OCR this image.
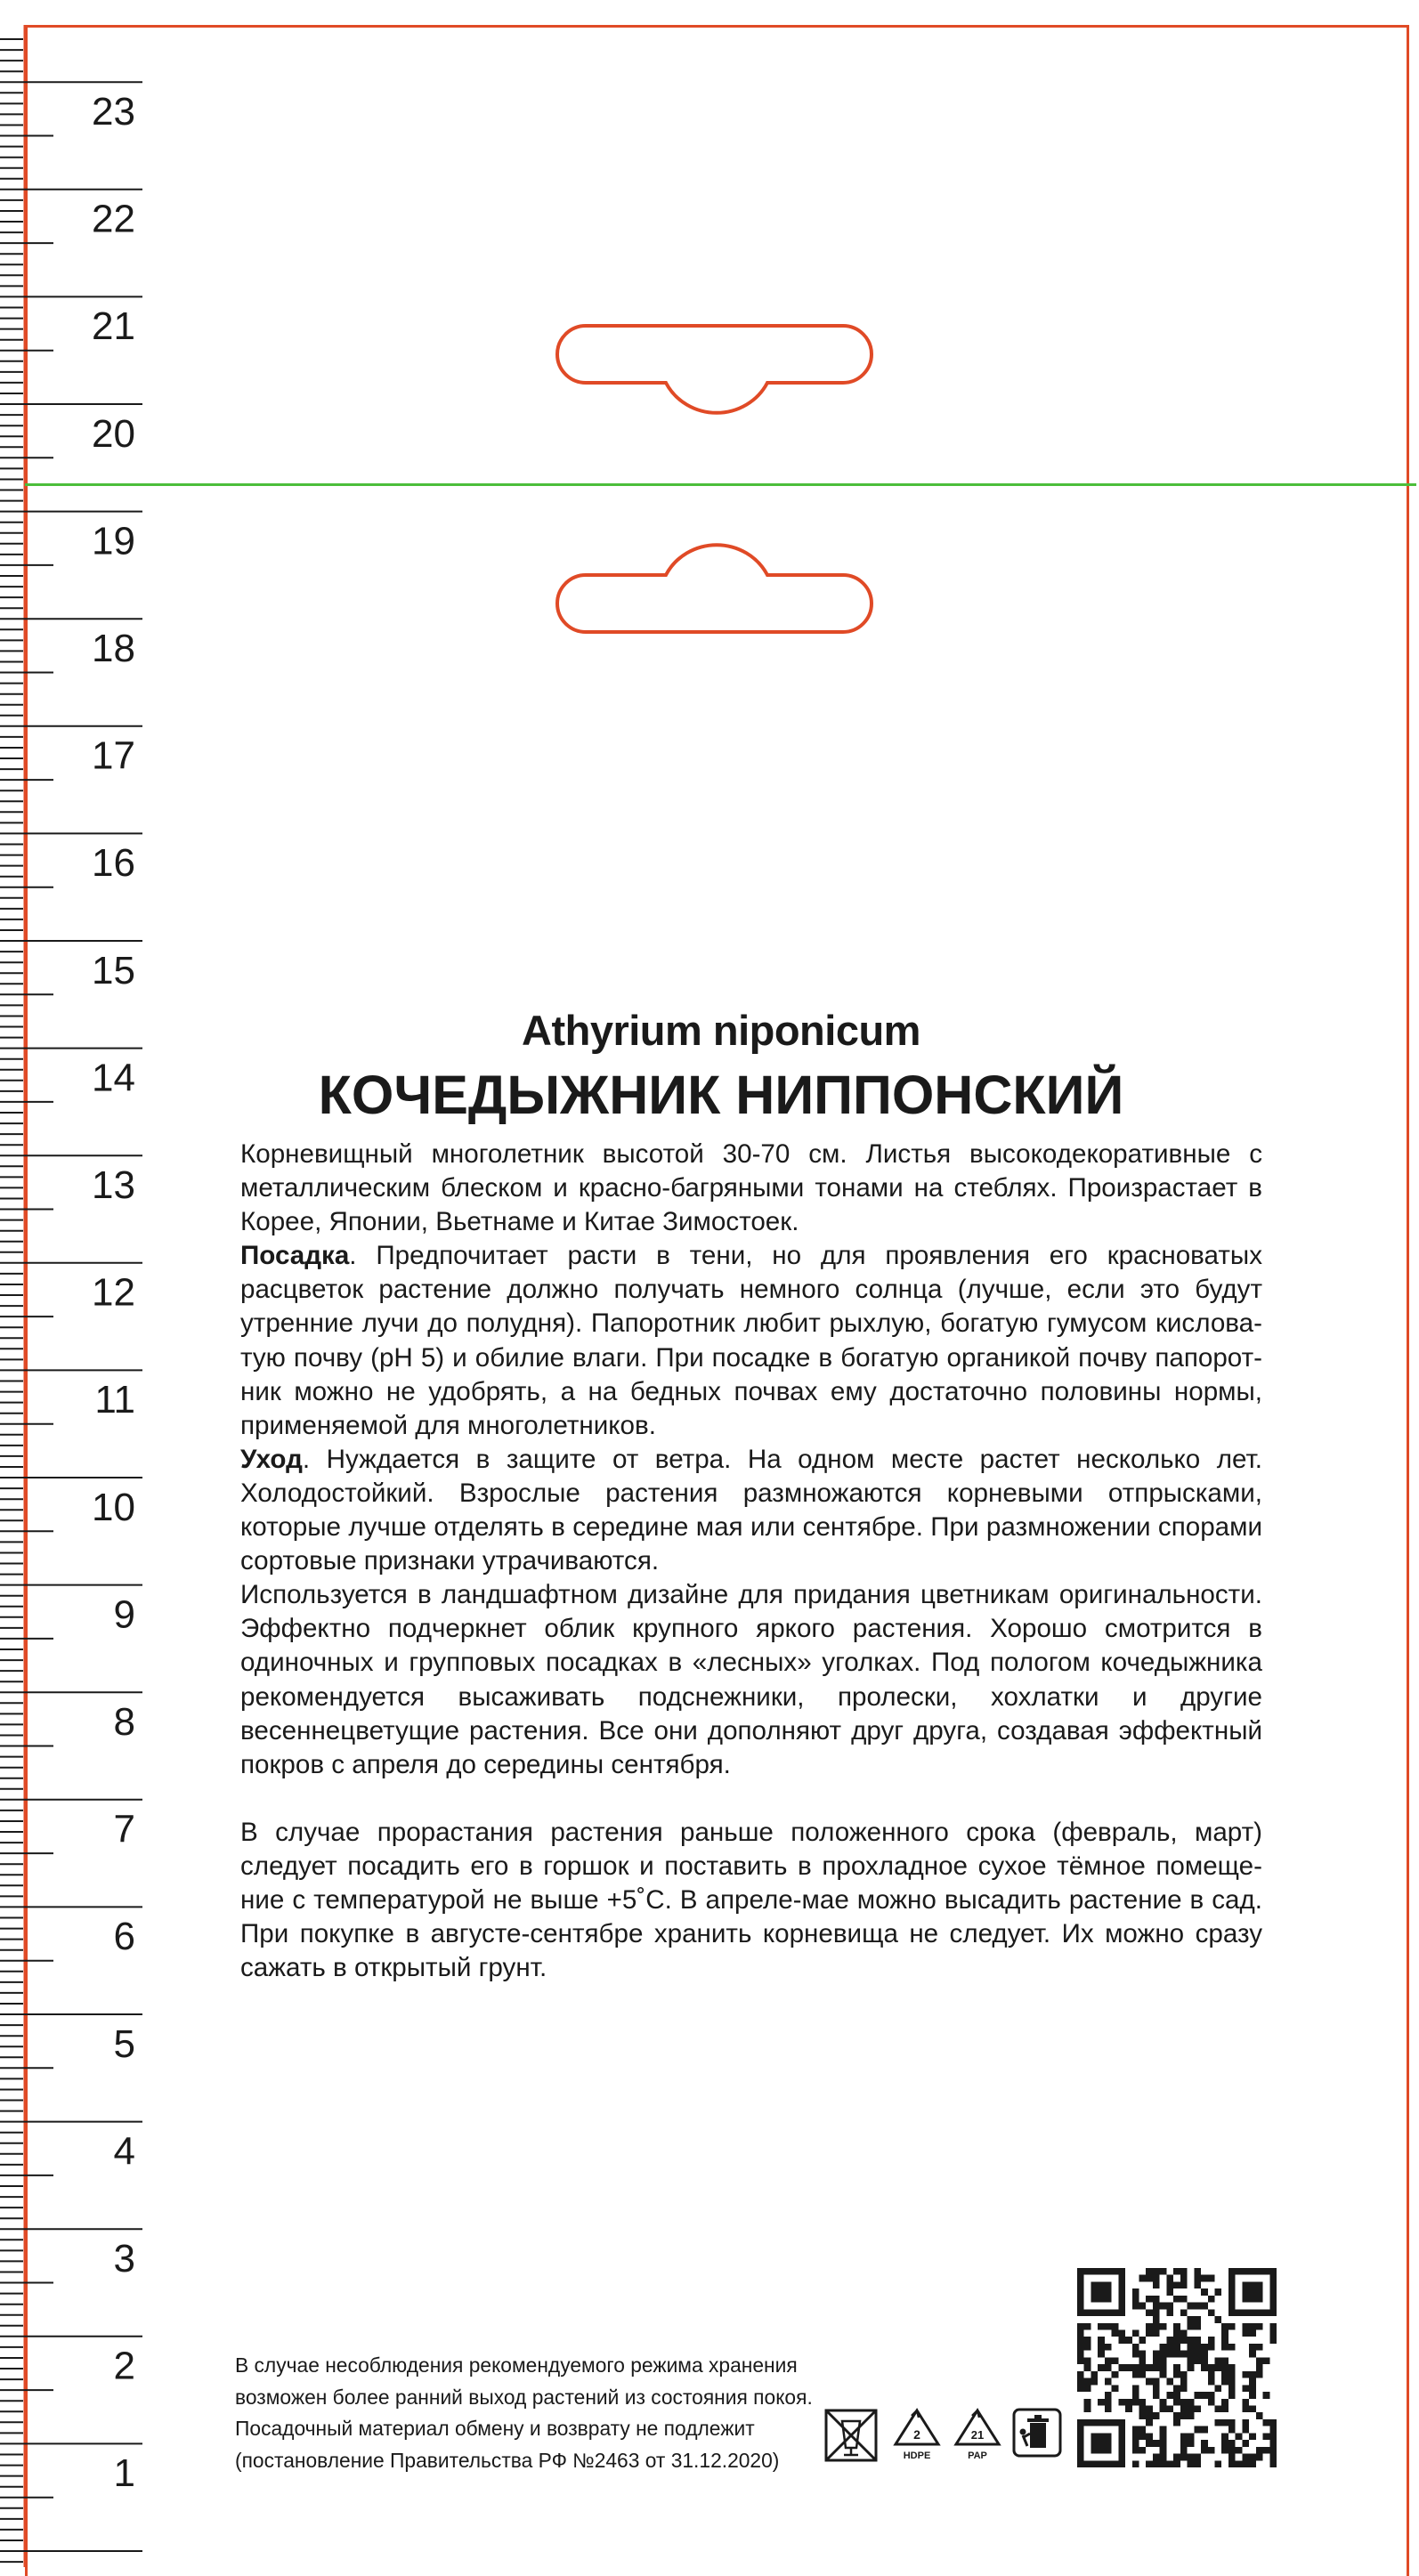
23
22
21
20
19
18
17
16
15
14
13
12
11
10
9
8
7
6
5
4
3
2
1
Athyrium niponicum
КОЧЕДЫЖНИК НИППОНСКИЙ

Корневищный многолетник высотой 30-70 см. Листья высокодекоративные с металлическим блеском и красно-багряными тонами на стеблях. Произрастает в Корее, Японии, Вьетнаме и Китае Зимостоек.

Посадка. Предпочитает расти в тени, но для проявления его красноватых расцветок растение должно получать немного солнца (лучше, если это будут утренние лучи до полудня). Папоротник любит рыхлую, богатую гумусом кисловатую почву (pH 5) и обилие влаги. При посадке в богатую органикой почву папоротник можно не удобрять, а на бедных почвах ему достаточно половины нормы, применяемой для многолетников.

Уход. Нуждается в защите от ветра. На одном месте растет несколько лет. Холодостойкий. Взрослые растения размножаются корневыми отпрысками, которые лучше отделять в середине мая или сентябре. При размножении спорами сортовые признаки утрачиваются.

Используется в ландшафтном дизайне для придания цветникам оригинальности. Эффектно подчеркнет облик крупного яркого растения. Хорошо смотрится в одиночных и групповых посадках в «лесных» уголках. Под пологом кочедыжника рекомендуется высаживать подснежники, пролески, хохлатки и другие весеннецветущие растения. Все они дополняют друг друга, создавая эффектный покров с апреля до середины сентября.

В случае прорастания растения раньше положенного срока (февраль, март) следует посадить его в горшок и поставить в прохладное сухое тёмное помещение с температурой не выше +5˚С. В апреле-мае можно высадить растение в сад. При покупке в августе-сентябре хранить корневища не следует. Их можно сразу сажать в открытый грунт.

В случае несоблюдения рекомендуемого режима хранения
возможен более ранний выход растений из состояния покоя.
Посадочный материал обмену и возврату не подлежит
(постановление Правительства РФ №2463 от 31.12.2020)
2
HDPE
21
PAP
